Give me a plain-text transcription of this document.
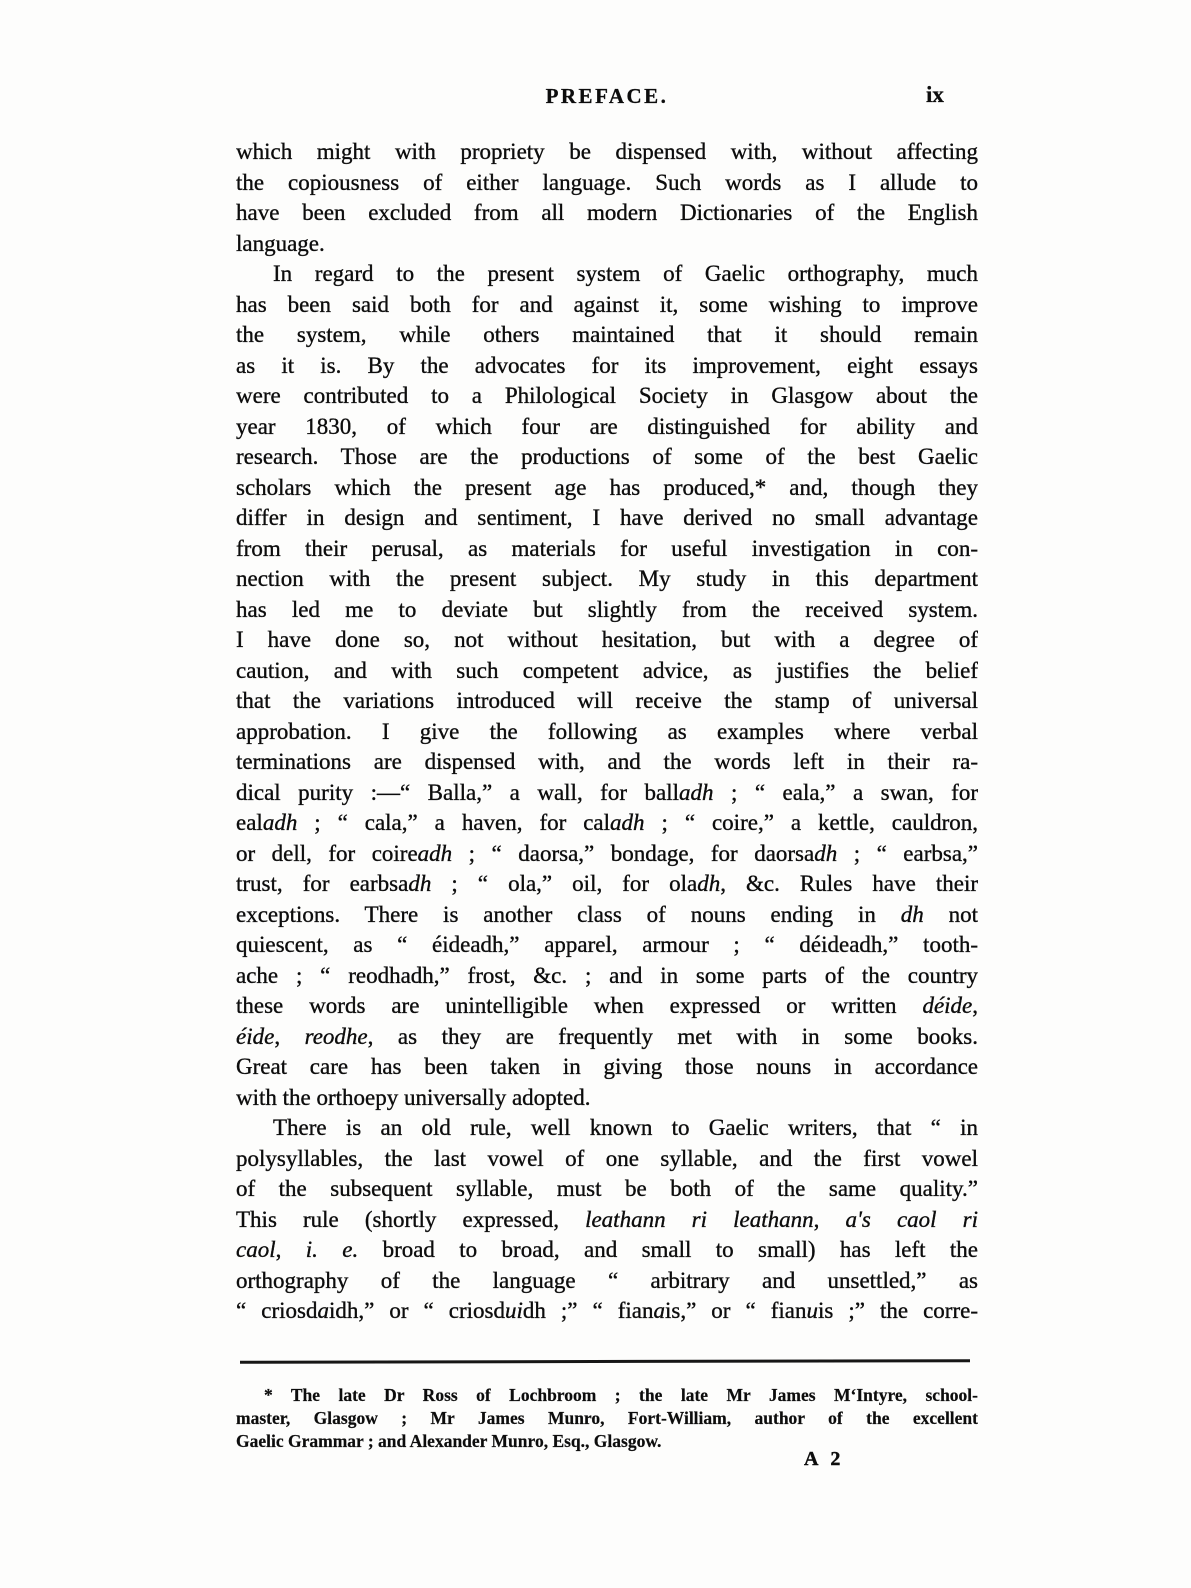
PREFACE.	ix
which might with propriety be dispensed with, without affecting
the copiousness of either language. Such words as I allude to
have been excluded from all modern Dictionaries of the English
language.
In regard to the present system of Gaelic orthography, much
has been said both for and against it, some wishing to improve
the system, while others maintained that it should remain
as it is. By the advocates for its improvement, eight essays
were contributed to a Philological Society in Glasgow about the
year 1830, of which four are distinguished for ability and
research. Those are the productions of some of the best Gaelic
scholars which the present age has produced,* and, though they
differ in design and sentiment, I have derived no small advantage
from their perusal, as materials for useful investigation in con-
nection with the present subject. My study in this department
has led me to deviate but slightly from the received system.
I have done so, not without hesitation, but with a degree of
caution, and with such competent advice, as justifies the belief
that the variations introduced will receive the stamp of universal
approbation. I give the following as examples where verbal
terminations are dispensed with, and the words left in their ra-
dical purity :—“ Balla,” a wall, for balladh ; “ eala,” a swan, for
ealadh ; “ cala,” a haven, for caladh ; “ coire,” a kettle, cauldron,
or dell, for coireadh ; “ daorsa,” bondage, for daorsadh ; “ earbsa,”
trust, for earbsadh ; “ ola,” oil, for oladh, &c. Rules have their
exceptions. There is another class of nouns ending in dh not
quiescent, as “ éideadh,” apparel, armour ; “ déideadh,” tooth-
ache ; “ reodhadh,” frost, &c. ; and in some parts of the country
these words are unintelligible when expressed or written déide,
éide, reodhe, as they are frequently met with in some books.
Great care has been taken in giving those nouns in accordance
with the orthoepy universally adopted.
There is an old rule, well known to Gaelic writers, that “ in
polysyllables, the last vowel of one syllable, and the first vowel
of the subsequent syllable, must be both of the same quality.”
This rule (shortly expressed, leathann ri leathann, a's caol ri
caol, i. e. broad to broad, and small to small) has left the
orthography of the language “ arbitrary and unsettled,” as
“ criosdaidh,” or “ criosduidh ;” “ fianais,” or “ fianuis ;” the corre-
* The late Dr Ross of Lochbroom ; the late Mr James M‘Intyre, school-
master, Glasgow ; Mr James Munro, Fort-William, author of the excellent
Gaelic Grammar ; and Alexander Munro, Esq., Glasgow.
A 2
